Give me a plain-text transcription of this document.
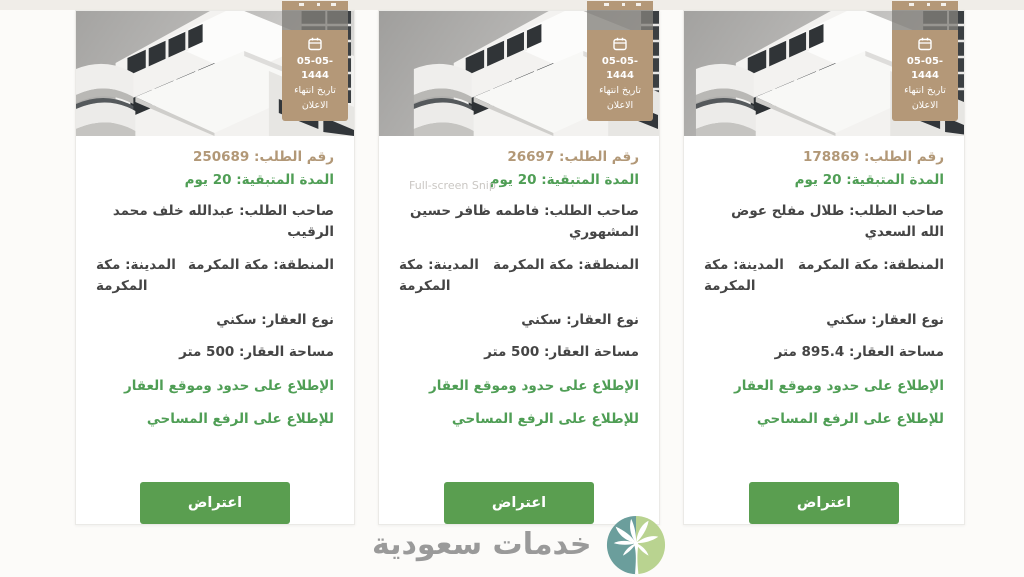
05-05-1444
تاريخ انتهاء
الاعلان

رقم الطلب: 250689

المدة المتبقية: 20 يوم

صاحب الطلب: عبدالله خلف محمد الرقيب

المنطقة: مكة المكرمة
المدينة: مكة المكرمة

نوع العقار: سكني

مساحة العقار: 500 متر

الإطلاع على حدود وموقع العقار

للإطلاع على الرفع المساحي

اعتراض
05-05-1444
تاريخ انتهاء
الاعلان
Full-screen Snip

رقم الطلب: 26697

المدة المتبقية: 20 يوم

صاحب الطلب: فاطمه ظافر حسين المشهوري

المنطقة: مكة المكرمة
المدينة: مكة المكرمة

نوع العقار: سكني

مساحة العقار: 500 متر

الإطلاع على حدود وموقع العقار

للإطلاع على الرفع المساحي

اعتراض
05-05-1444
تاريخ انتهاء
الاعلان

رقم الطلب: 178869

المدة المتبقية: 20 يوم

صاحب الطلب: طلال مفلح عوض الله السعدي

المنطقة: مكة المكرمة
المدينة: مكة المكرمة

نوع العقار: سكني

مساحة العقار: 895.4 متر

الإطلاع على حدود وموقع العقار

للإطلاع على الرفع المساحي

اعتراض
خدمات سعودية
